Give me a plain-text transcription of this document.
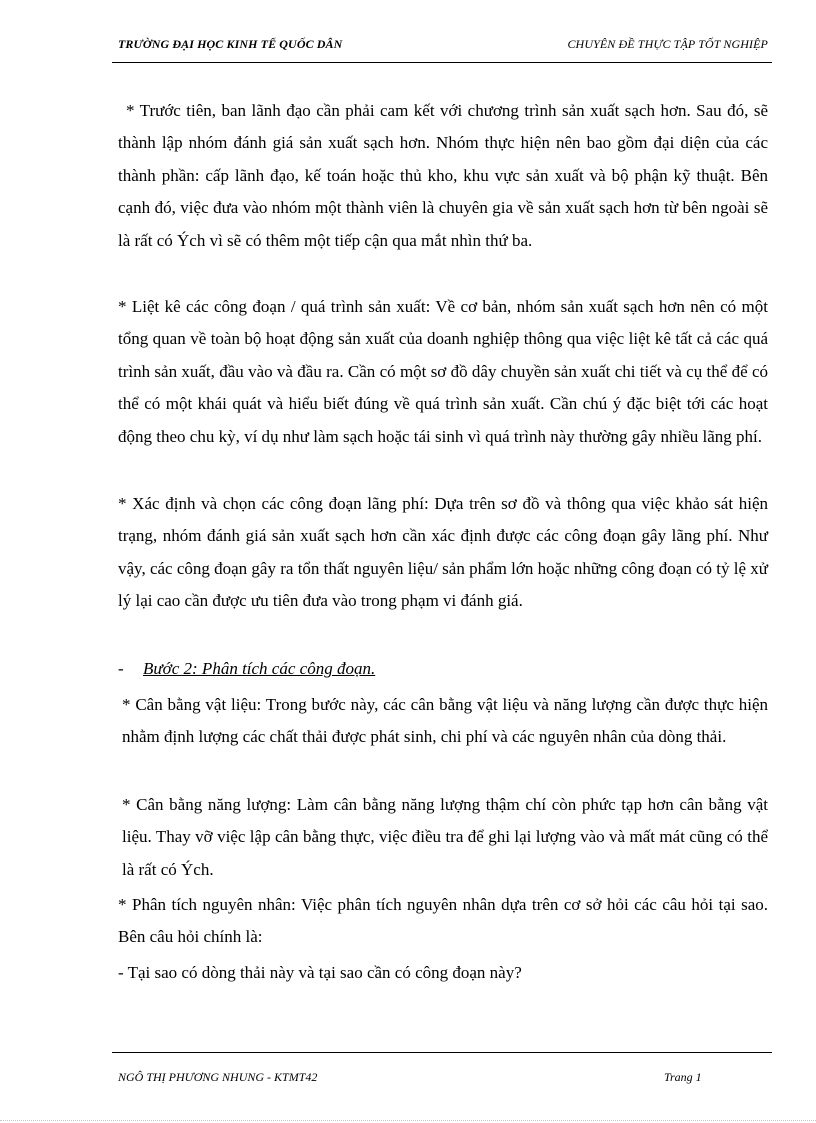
TRƯỜNG ĐẠI HỌC KINH TẾ QUỐC DÂN	CHUYÊN ĐỀ THỰC TẬP TỐT NGHIỆP

* Trước tiên, ban lãnh đạo cần phải cam kết với chương trình sản xuất sạch hơn. Sau đó, sẽ thành lập nhóm đánh giá sản xuất sạch hơn. Nhóm thực hiện nên bao gồm đại diện của các thành phần: cấp lãnh đạo, kế toán hoặc thủ kho, khu vực sản xuất và bộ phận kỹ thuật. Bên cạnh đó, việc đưa vào nhóm một thành viên là chuyên gia về sản xuất sạch hơn từ bên ngoài sẽ là rất có Ých vì sẽ có thêm một tiếp cận qua mắt nhìn thứ ba.

* Liệt kê các công đoạn / quá trình sản xuất: Về cơ bản, nhóm sản xuất sạch hơn nên có một tổng quan về toàn bộ hoạt động sản xuất của doanh nghiệp thông qua việc liệt kê tất cả các quá trình sản xuất, đầu vào và đầu ra. Cần có một sơ đồ dây chuyền sản xuất chi tiết và cụ thể để có thể có một khái quát và hiểu biết đúng về quá trình sản xuất. Cần chú ý đặc biệt tới các hoạt động theo chu kỳ, ví dụ như làm sạch hoặc tái sinh vì quá trình này thường gây nhiều lãng phí.

* Xác định và chọn các công đoạn lãng phí: Dựa trên sơ đồ và thông qua việc khảo sát hiện trạng, nhóm đánh giá sản xuất sạch hơn cần xác định được các công đoạn gây lãng phí. Như vậy, các công đoạn gây ra tổn thất nguyên liệu/ sản phẩm lớn hoặc những công đoạn có tỷ lệ xử lý lại cao cần được ưu tiên đưa vào trong phạm vi đánh giá.

- Bước 2: Phân tích các công đoạn.

* Cân bằng vật liệu: Trong bước này, các cân bằng vật liệu và năng lượng cần được thực hiện nhằm định lượng các chất thải được phát sinh, chi phí và các nguyên nhân của dòng thải.

* Cân bằng năng lượng: Làm cân bằng năng lượng thậm chí còn phức tạp hơn cân bằng vật liệu. Thay vỡ việc lập cân bằng thực, việc điều tra để ghi lại lượng vào và mất mát cũng có thể là rất có Ých.

* Phân tích nguyên nhân: Việc phân tích nguyên nhân dựa trên cơ sở hỏi các câu hỏi tại sao. Bên câu hỏi chính là:

- Tại sao có dòng thải này và tại sao cần có công đoạn này?

NGÔ THỊ PHƯƠNG NHUNG - KTMT42	Trang 1
